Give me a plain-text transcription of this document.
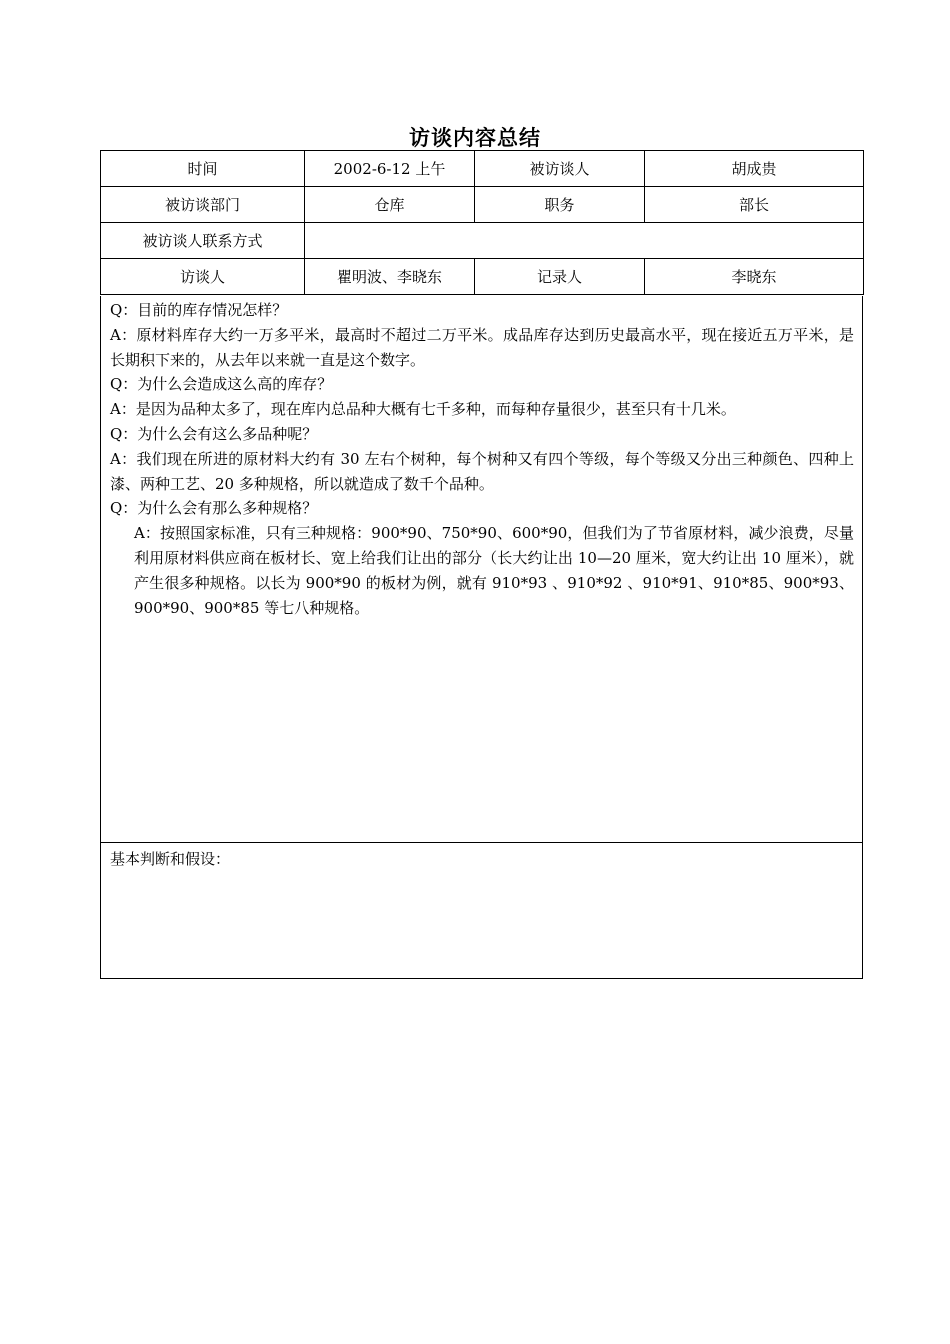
访谈内容总结
时间	2002-6-12 上午	被访谈人	胡成贵
被访谈部门	仓库	职务	部长
被访谈人联系方式			
访谈人	瞿明波、李晓东	记录人	李晓东

Q：目前的库存情况怎样？

A：原材料库存大约一万多平米，最高时不超过二万平米。成品库存达到历史最高水平，现在接近五万平米，是长期积下来的，从去年以来就一直是这个数字。

Q：为什么会造成这么高的库存？

A：是因为品种太多了，现在库内总品种大概有七千多种，而每种存量很少，甚至只有十几米。

Q：为什么会有这么多品种呢？

A：我们现在所进的原材料大约有 30 左右个树种，每个树种又有四个等级，每个等级又分出三种颜色、四种上漆、两种工艺、20 多种规格，所以就造成了数千个品种。

Q：为什么会有那么多种规格？

A：按照国家标准，只有三种规格：900*90、750*90、600*90，但我们为了节省原材料，减少浪费，尽量利用原材料供应商在板材长、宽上给我们让出的部分（长大约让出 10—20 厘米，宽大约让出 10 厘米），就产生很多种规格。以长为 900*90 的板材为例，就有 910*93 、910*92 、910*91、910*85、900*93、900*90、900*85 等七八种规格。

基本判断和假设：
